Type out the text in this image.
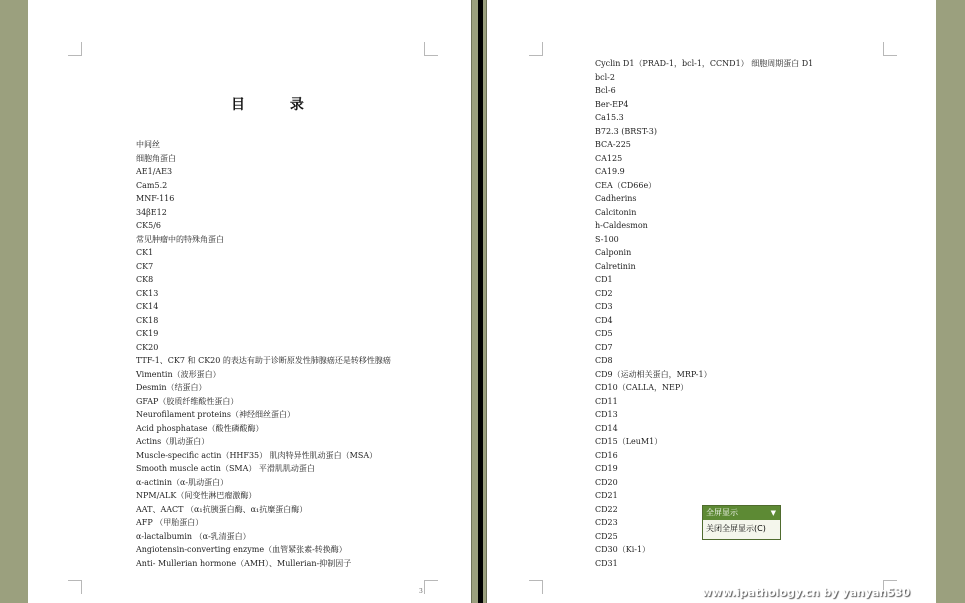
目 录
中间丝
细胞角蛋白
AE1/AE3
Cam5.2
MNF-116
34βE12
CK5/6
常见肿瘤中的特殊角蛋白
CK1
CK7
CK8
CK13
CK14
CK18
CK19
CK20
TTF-1、CK7 和 CK20 的表达有助于诊断原发性肺腺癌还是转移性腺癌
Vimentin（波形蛋白）
Desmin（结蛋白）
GFAP（胶质纤维酸性蛋白）
Neurofilament proteins（神经细丝蛋白）
Acid phosphatase（酸性磷酸酶）
Actins（肌动蛋白）
Muscle-specific actin（HHF35） 肌肉特异性肌动蛋白（MSA）
Smooth muscle actin（SMA） 平滑肌肌动蛋白
α-actinin（α-肌动蛋白）
NPM/ALK（间变性淋巴瘤激酶）
AAT、AACT （α₁抗胰蛋白酶、α₁抗糜蛋白酶）
AFP （甲胎蛋白）
α-lactalbumin （α-乳清蛋白）
Angiotensin-converting enzyme（血管紧张素-转换酶）
Anti- Mullerian hormone（AMH）、Mullerian-抑制因子
3
Cyclin D1（PRAD-1，bcl-1，CCND1） 细胞周期蛋白 D1
bcl-2
Bcl-6
Ber-EP4
Ca15.3
B72.3 (BRST-3)
BCA-225
CA125
CA19.9
CEA（CD66e）
Cadherins
Calcitonin
h-Caldesmon
S-100
Calponin
Calretinin
CD1
CD2
CD3
CD4
CD5
CD7
CD8
CD9（运动相关蛋白，MRP-1）
CD10（CALLA，NEP）
CD11
CD13
CD14
CD15（LeuM1）
CD16
CD19
CD20
CD21
CD22
CD23
CD25
CD30（Ki-1）
CD31
全屏显示	▼
关闭全屏显示(C)
www.ipathology.cn by yanyan530
